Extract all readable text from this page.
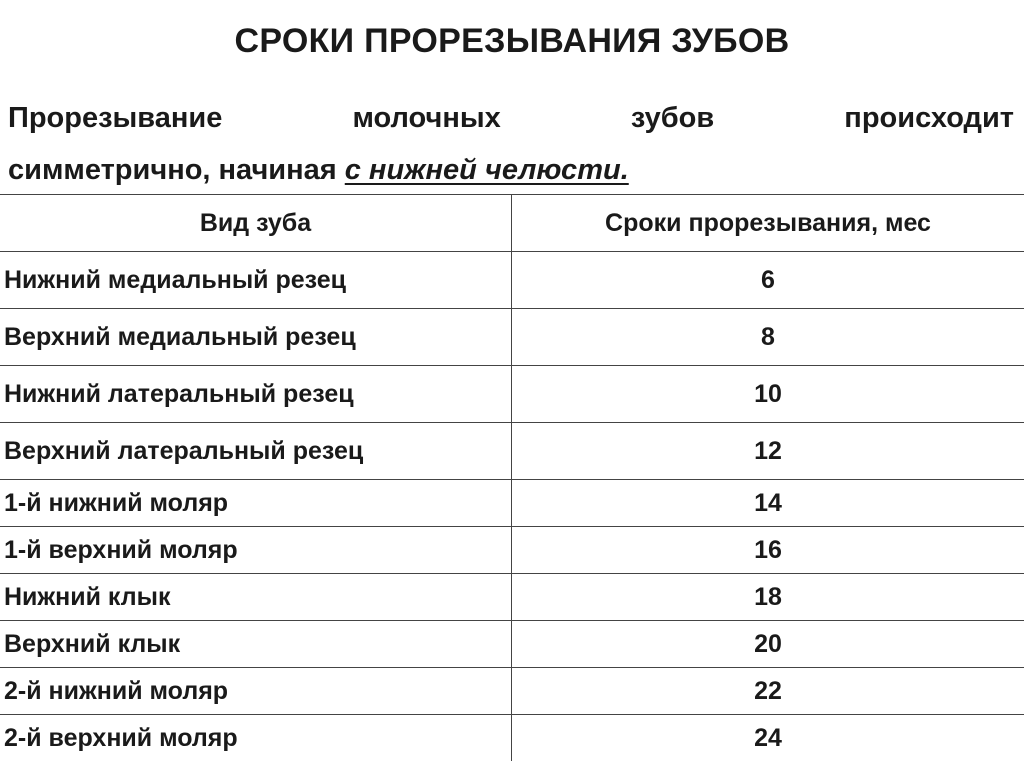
СРОКИ ПРОРЕЗЫВАНИЯ ЗУБОВ
Прорезывание	молочных	зубов	происходит
симметрично, начиная с нижней челюсти.
Вид зуба	Сроки прорезывания, мес
Нижний медиальный резец	6
Верхний медиальный резец	8
Нижний латеральный резец	10
Верхний латеральный резец	12
1-й нижний моляр	14
1-й верхний моляр	16
Нижний клык	18
Верхний клык	20
2-й нижний моляр	22
2-й верхний моляр	24
